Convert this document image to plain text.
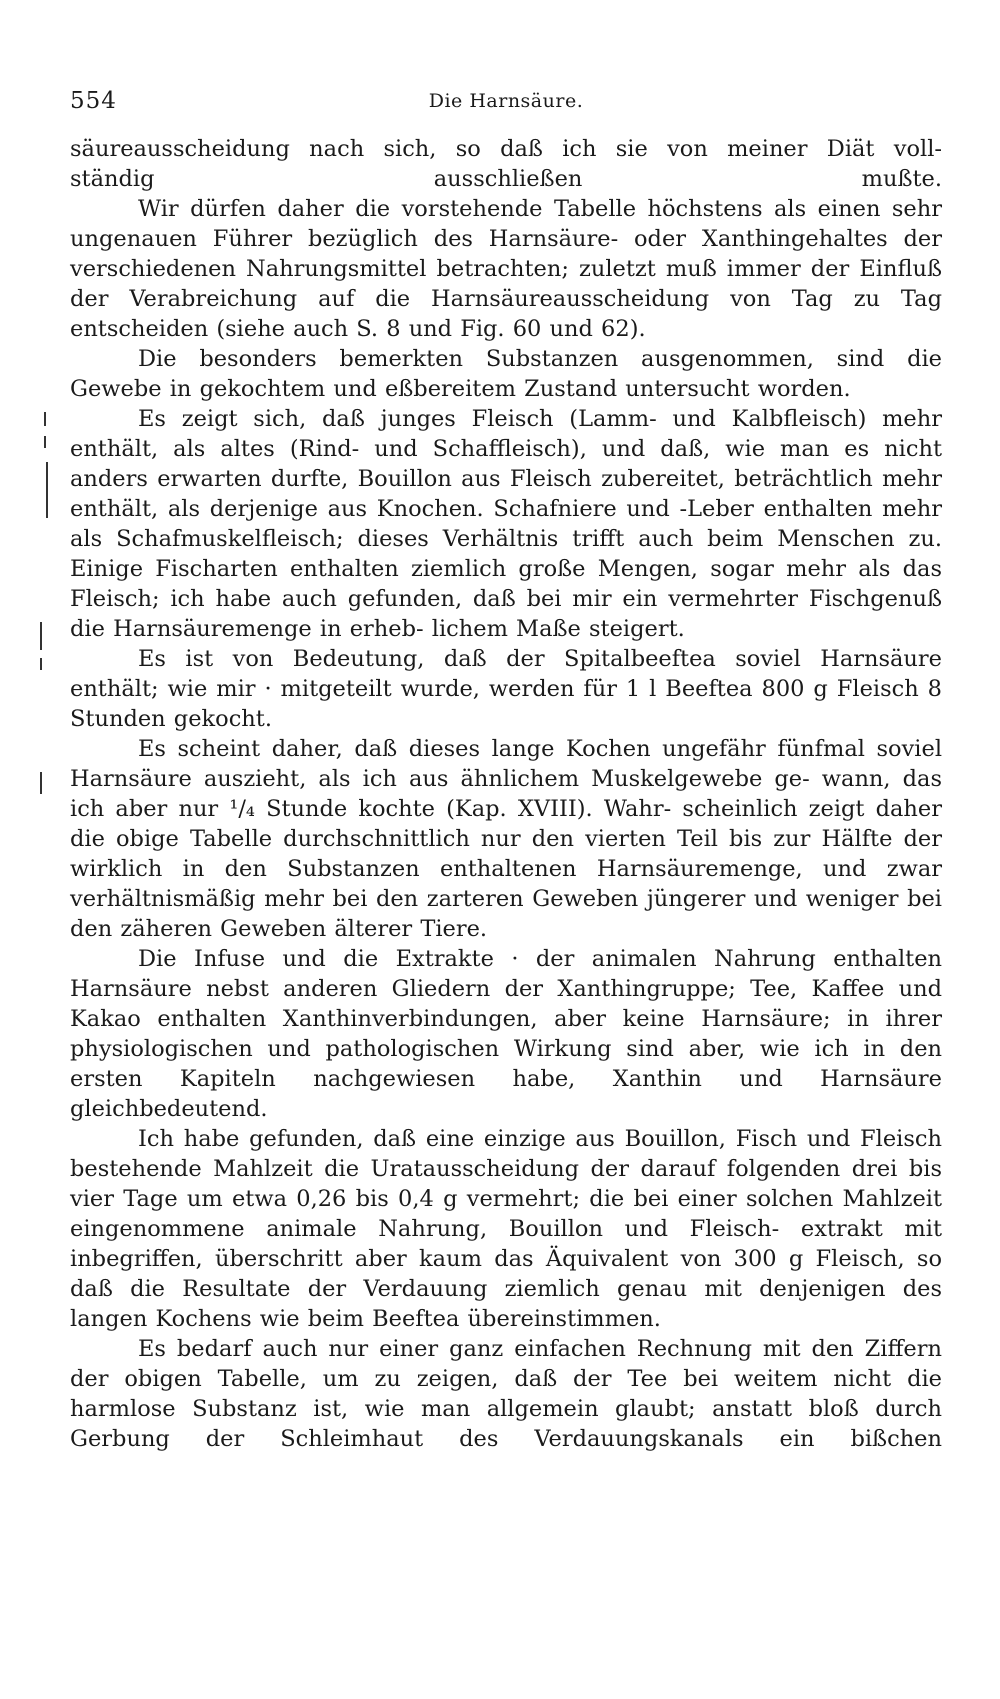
554	Die Harnsäure.

säureausscheidung nach sich, so daß ich sie von meiner Diät voll-
ständig ausschließen mußte.

Wir dürfen daher die vorstehende Tabelle höchstens als einen sehr ungenauen Führer bezüglich des Harnsäure- oder Xanthingehaltes der verschiedenen Nahrungsmittel betrachten; zuletzt muß immer der Einfluß der Verabreichung auf die Harnsäureausscheidung von Tag zu Tag entscheiden (siehe auch S. 8 und Fig. 60 und 62).

Die besonders bemerkten Substanzen ausgenommen, sind die Gewebe in gekochtem und eßbereitem Zustand untersucht worden.

Es zeigt sich, daß junges Fleisch (Lamm- und Kalbfleisch) mehr enthält, als altes (Rind- und Schaffleisch), und daß, wie man es nicht anders erwarten durfte, Bouillon aus Fleisch zubereitet, beträchtlich mehr enthält, als derjenige aus Knochen. Schafniere und -Leber enthalten mehr als Schafmuskelfleisch; dieses Verhältnis trifft auch beim Menschen zu. Einige Fischarten enthalten ziemlich große Mengen, sogar mehr als das Fleisch; ich habe auch gefunden, daß bei mir ein vermehrter Fischgenuß die Harnsäuremenge in erheb- lichem Maße steigert.

Es ist von Bedeutung, daß der Spitalbeeftea soviel Harnsäure enthält; wie mir · mitgeteilt wurde, werden für 1 l Beeftea 800 g Fleisch 8 Stunden gekocht.

Es scheint daher, daß dieses lange Kochen ungefähr fünfmal soviel Harnsäure auszieht, als ich aus ähnlichem Muskelgewebe ge- wann, das ich aber nur ¹/₄ Stunde kochte (Kap. XVIII). Wahr- scheinlich zeigt daher die obige Tabelle durchschnittlich nur den vierten Teil bis zur Hälfte der wirklich in den Substanzen enthaltenen Harnsäuremenge, und zwar verhältnismäßig mehr bei den zarteren Geweben jüngerer und weniger bei den zäheren Geweben älterer Tiere.

Die Infuse und die Extrakte · der animalen Nahrung enthalten Harnsäure nebst anderen Gliedern der Xanthingruppe; Tee, Kaffee und Kakao enthalten Xanthinverbindungen, aber keine Harnsäure; in ihrer physiologischen und pathologischen Wirkung sind aber, wie ich in den ersten Kapiteln nachgewiesen habe, Xanthin und Harnsäure gleichbedeutend.

Ich habe gefunden, daß eine einzige aus Bouillon, Fisch und Fleisch bestehende Mahlzeit die Uratausscheidung der darauf folgenden drei bis vier Tage um etwa 0,26 bis 0,4 g vermehrt; die bei einer solchen Mahlzeit eingenommene animale Nahrung, Bouillon und Fleisch- extrakt mit inbegriffen, überschritt aber kaum das Äquivalent von 300 g Fleisch, so daß die Resultate der Verdauung ziemlich genau mit denjenigen des langen Kochens wie beim Beeftea übereinstimmen.

Es bedarf auch nur einer ganz einfachen Rechnung mit den Ziffern der obigen Tabelle, um zu zeigen, daß der Tee bei weitem nicht die harmlose Substanz ist, wie man allgemein glaubt; anstatt bloß durch Gerbung der Schleimhaut des Verdauungskanals ein bißchen
